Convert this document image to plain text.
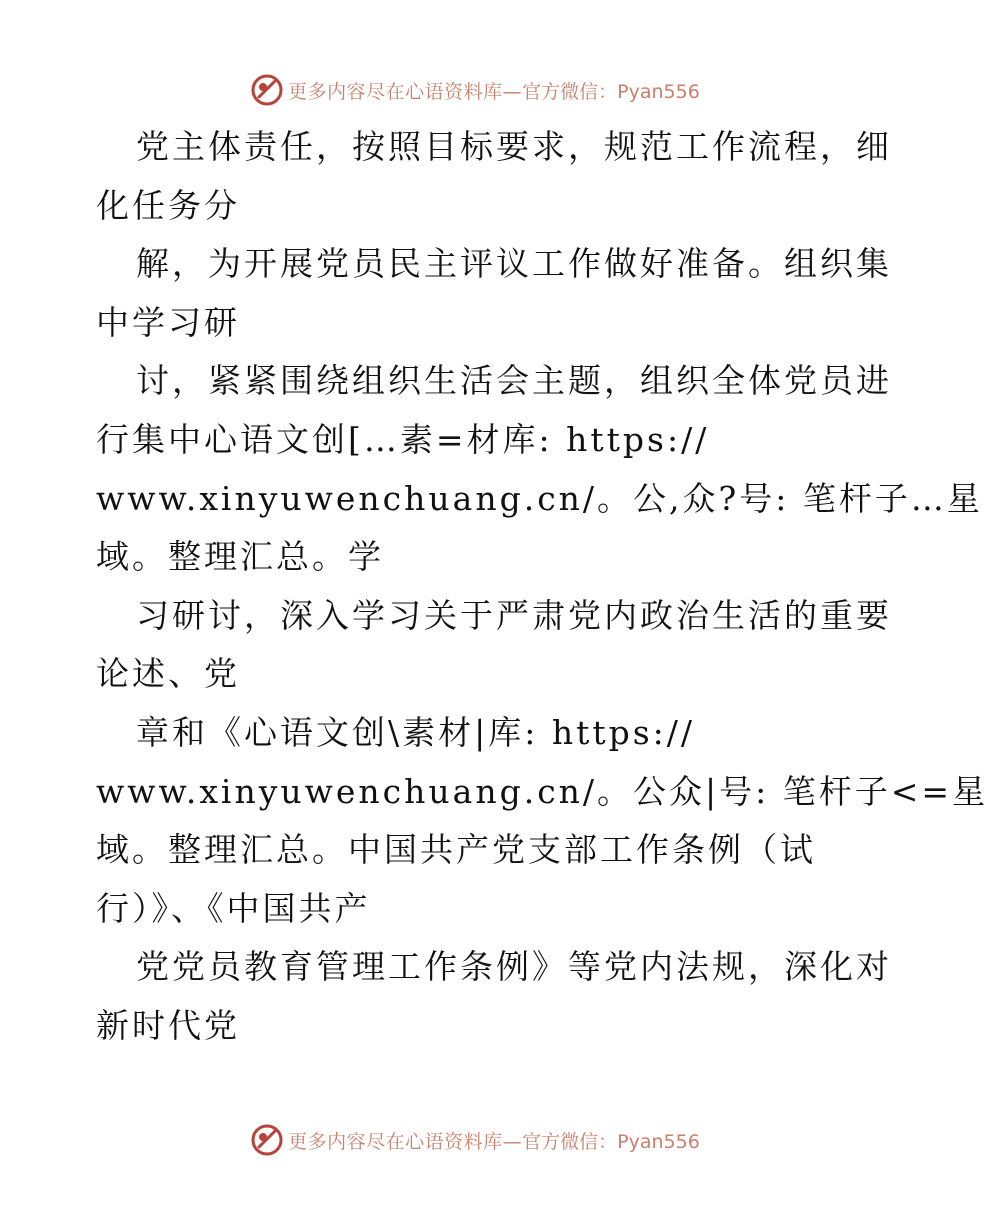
更多内容尽在心语资料库— 官方微信：Pyan556
党主体责任，按照目标要求，规范工作流程，细
化任务分
解，为开展党员民主评议工作做好准备。组织集
中学习研
讨，紧紧围绕组织生活会主题，组织全体党员进
行集中心语文创[…素=材库: https://
www.xinyuwenchuang.cn/。公,众?号: 笔杆子…星
域。整理汇总。学
习研讨，深入学习关于严肃党内政治生活的重要
论述、党
章和《心语文创\素材|库: https://
www.xinyuwenchuang.cn/。公众|号: 笔杆子<=星
域。整理汇总。中国共产党支部工作条例（试
行）》、《中国共产
党党员教育管理工作条例》等党内法规，深化对
新时代党
更多内容尽在心语资料库— 官方微信：Pyan556
